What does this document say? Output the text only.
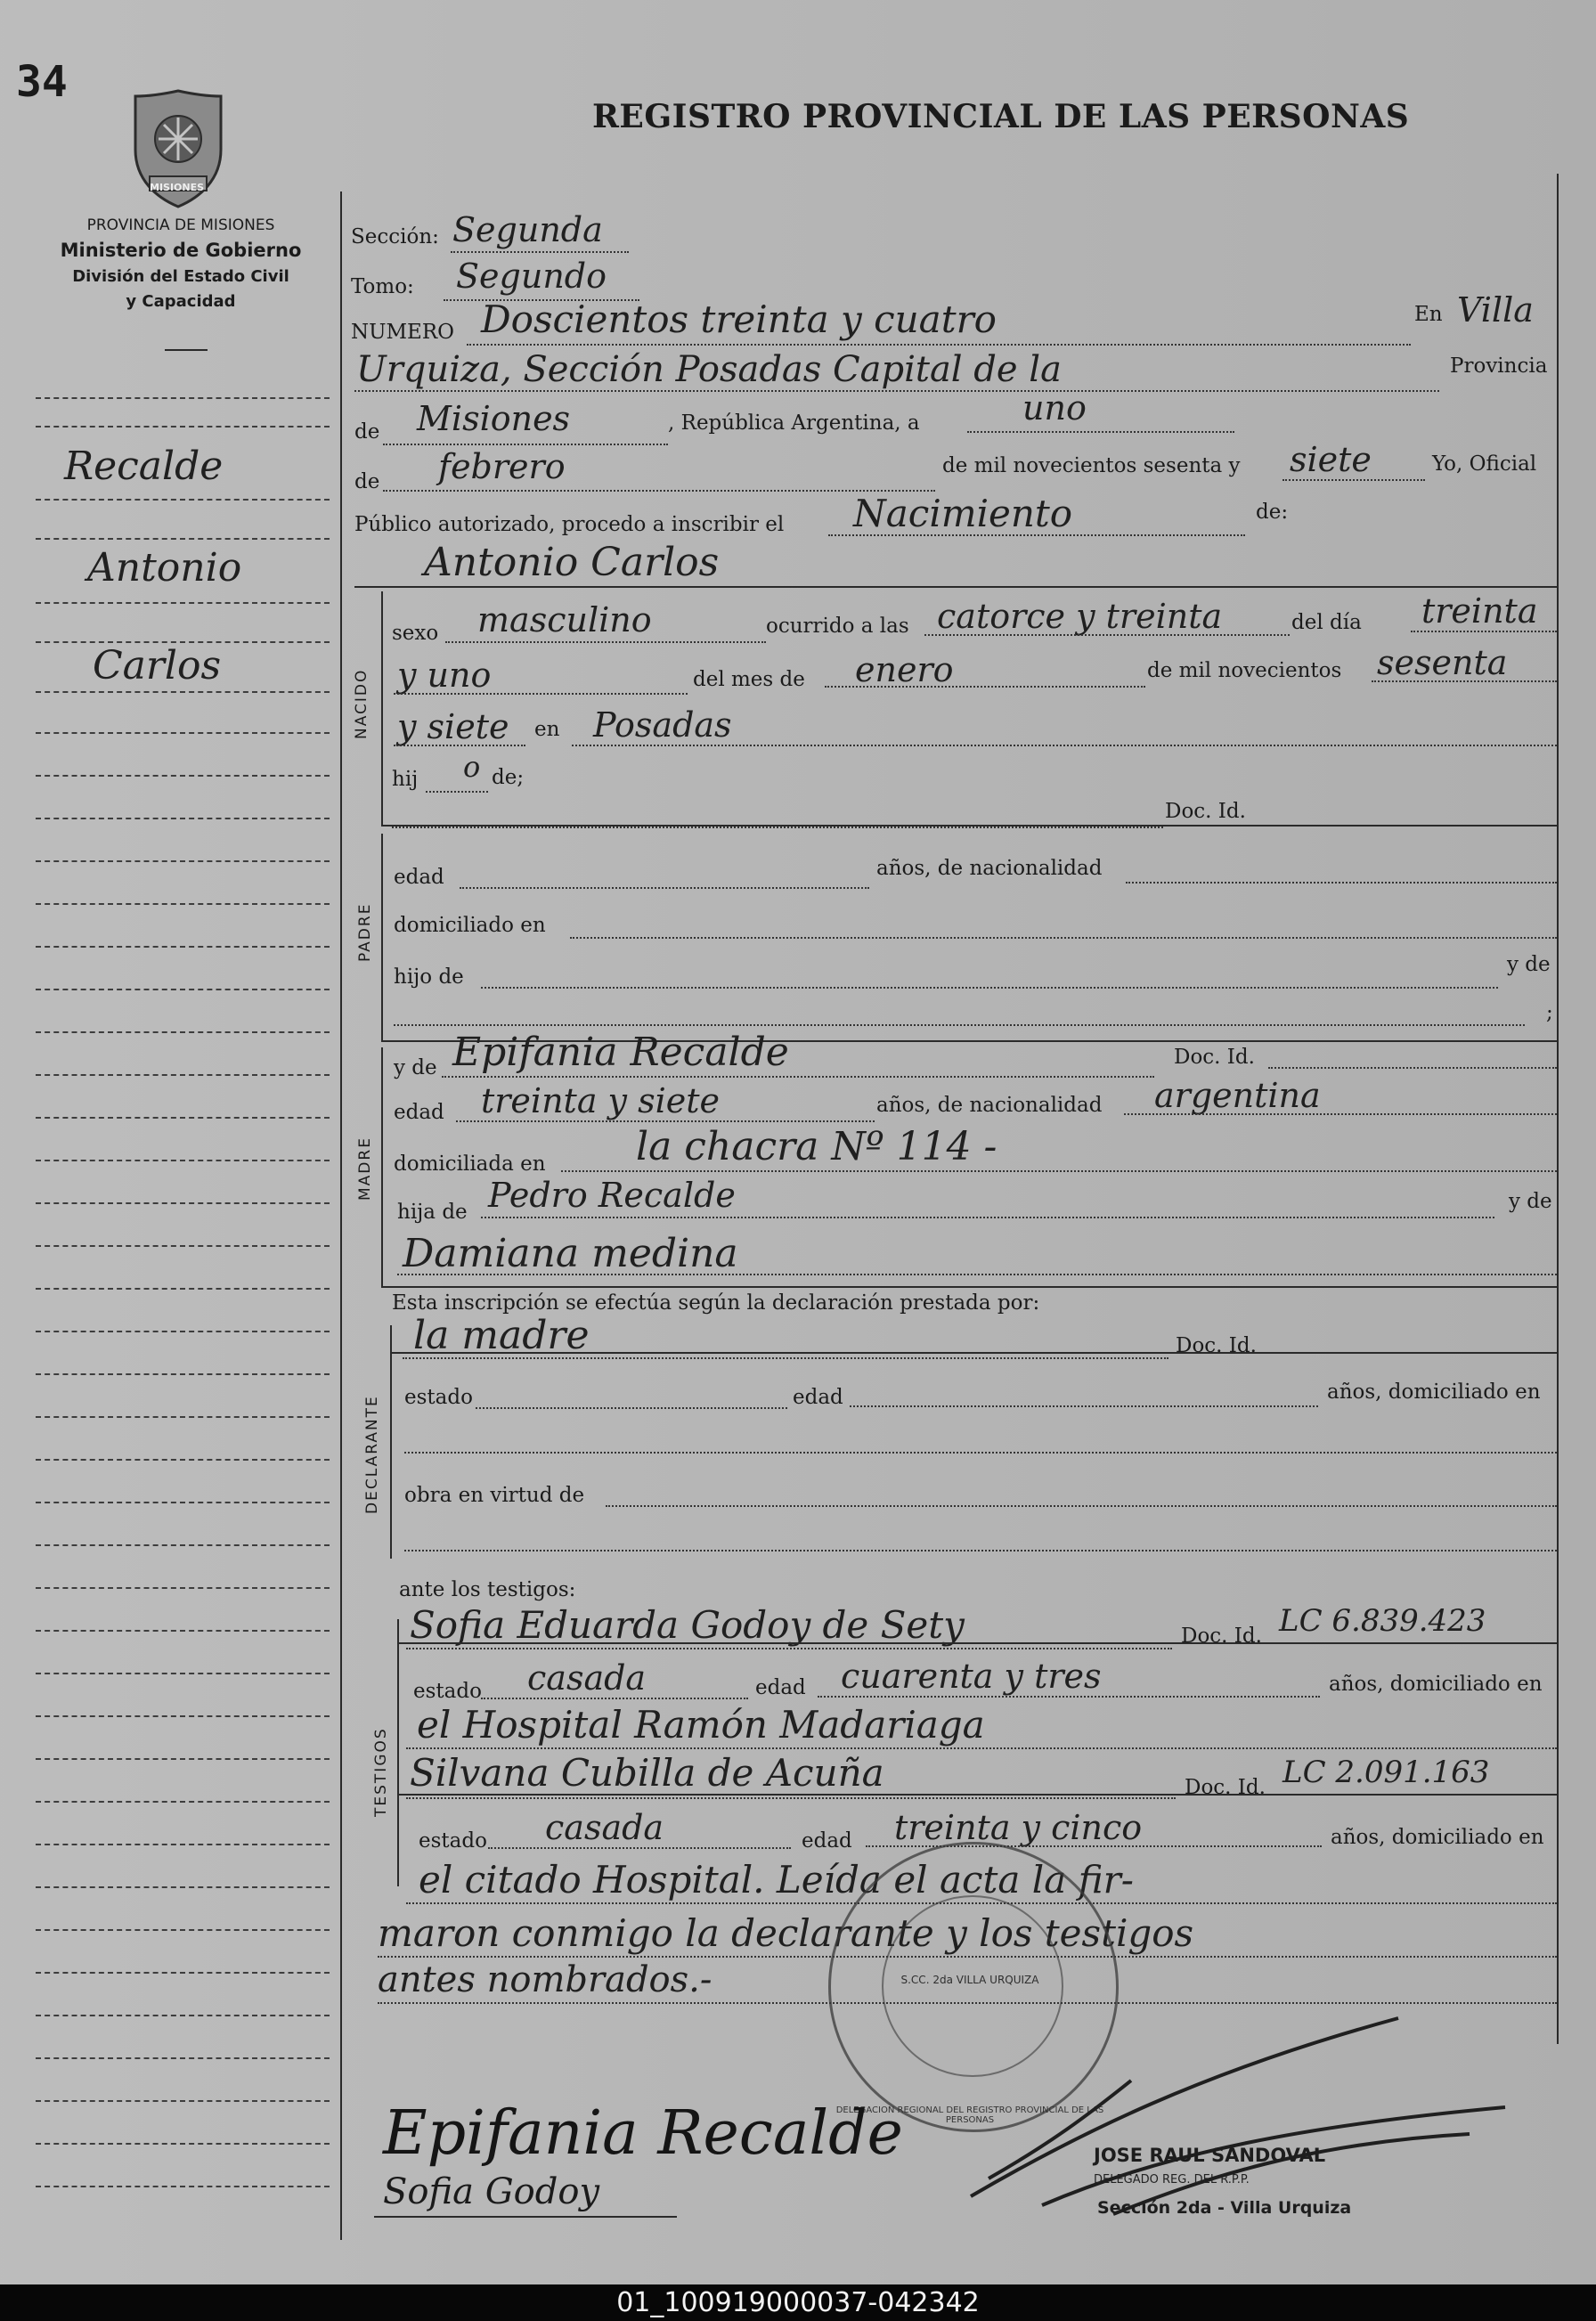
34
MISIONES
PROVINCIA DE MISIONES
Ministerio de Gobierno
División del Estado Civil
y Capacidad
REGISTRO PROVINCIAL DE LAS PERSONAS
Recalde
Antonio
Carlos
Sección: Segunda
Tomo: Segundo
NUMERO Doscientos treinta y cuatro	En Villa
Urquiza, Sección Posadas Capital de la	Provincia
de Misiones	, República Argentina, a	uno
de febrero	de mil novecientos sesenta y siete	Yo, Oficial
Público autorizado, procedo a inscribir el Nacimiento	de:
Antonio Carlos
NACIDO
sexo masculino	ocurrido a las catorce y treinta	del día treinta
y uno	del mes de enero	de mil novecientos sesenta
y siete en Posadas
hij o de;
Doc. Id.
PADRE
edad	años, de nacionalidad
domiciliado en
hijo de
y de
;
MADRE
y de Epifania Recalde	Doc. Id.
edad treinta y siete	años, de nacionalidad argentina
domiciliada en la chacra Nº 114 -
hija de Pedro Recalde	y de
Damiana medina
Esta inscripción se efectúa según la declaración prestada por:
DECLARANTE
la madre	Doc. Id.
estado	edad	años, domiciliado en
obra en virtud de
ante los testigos:
TESTIGOS
Sofia Eduarda Godoy de Sety	Doc. Id. LC 6.839.423
estado casada	edad cuarenta y tres	años, domiciliado en
el Hospital Ramón Madariaga
Silvana Cubilla de Acuña	Doc. Id. LC 2.091.163
estado casada	edad treinta y cinco	años, domiciliado en
el citado Hospital. Leída el acta la fir-
maron conmigo la declarante y los testigos
antes nombrados.-	S.CC. 2da VILLA URQUIZA
DELEGACION REGIONAL DEL REGISTRO PROVINCIAL DE LAS PERSONAS
Epifania Recalde
Sofia Godoy
JOSE RAUL SANDOVAL
DELEGADO REG. DEL R.P.P.
Sección 2da - Villa Urquiza
01_100919000037-042342
